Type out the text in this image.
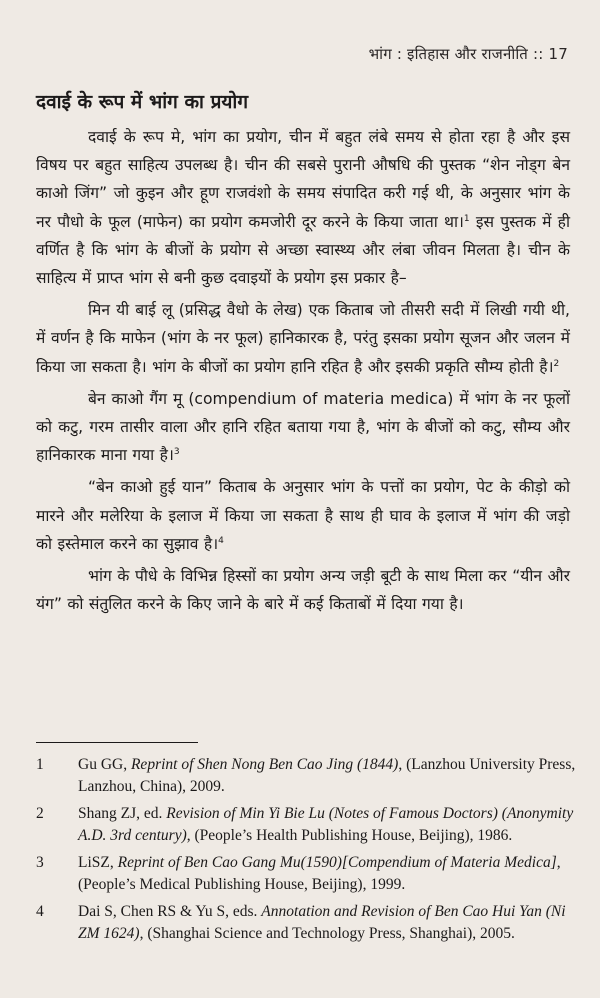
भांग : इतिहास और राजनीति :: 17
दवाई के रूप में भांग का प्रयोग

दवाई के रूप मे, भांग का प्रयोग, चीन में बहुत लंबे समय से होता रहा है और इस विषय पर बहुत साहित्य उपलब्ध है। चीन की सबसे पुरानी औषधि की पुस्तक “शेन नोड्ग बेन काओ जिंग” जो कुइन और हूण राजवंशो के समय संपादित करी गई थी, के अनुसार भांग के नर पौधो के फूल (माफेन) का प्रयोग कमजोरी दूर करने के किया जाता था।$^1$ इस पुस्तक में ही वर्णित है कि भांग के बीजों के प्रयोग से अच्छा स्वास्थ्य और लंबा जीवन मिलता है। चीन के साहित्य में प्राप्त भांग से बनी कुछ दवाइयों के प्रयोग इस प्रकार है–

मिन यी बाई लू (प्रसिद्ध वैधो के लेख) एक किताब जो तीसरी सदी में लिखी गयी थी, में वर्णन है कि माफेन (भांग के नर फूल) हानिकारक है, परंतु इसका प्रयोग सूजन और जलन में किया जा सकता है। भांग के बीजों का प्रयोग हानि रहित है और इसकी प्रकृति सौम्य होती है।$^2$

बेन काओ गैंग मू (compendium of materia medica) में भांग के नर फूलों को कटु, गरम तासीर वाला और हानि रहित बताया गया है, भांग के बीजों को कटु, सौम्य और हानिकारक माना गया है।$^3$

“बेन काओ हुई यान” किताब के अनुसार भांग के पत्तों का प्रयोग, पेट के कीड़ो को मारने और मलेरिया के इलाज में किया जा सकता है साथ ही घाव के इलाज में भांग की जड़ो को इस्तेमाल करने का सुझाव है।$^4$

भांग के पौधे के विभिन्न हिस्सों का प्रयोग अन्य जड़ी बूटी के साथ मिला कर “यीन और यंग” को संतुलित करने के किए जाने के बारे में कई किताबों में दिया गया है।

1	Gu GG, Reprint of Shen Nong Ben Cao Jing (1844), (Lanzhou University Press, Lanzhou, China), 2009.
2	Shang ZJ, ed. Revision of Min Yi Bie Lu (Notes of Famous Doctors) (Anonymity A.D. 3rd century), (People’s Health Publishing House, Beijing), 1986.
3	LiSZ, Reprint of Ben Cao Gang Mu(1590)[Compendium of Materia Medica], (People’s Medical Publishing House, Beijing), 1999.
4	Dai S, Chen RS & Yu S, eds. Annotation and Revision of Ben Cao Hui Yan (Ni ZM 1624), (Shanghai Science and Technology Press, Shanghai), 2005.
